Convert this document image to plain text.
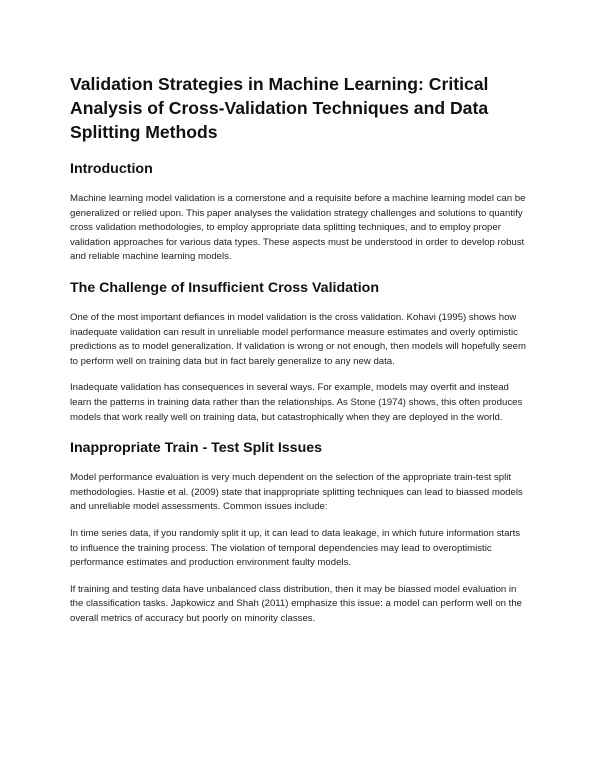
Validation Strategies in Machine Learning: Critical Analysis of Cross-Validation Techniques and Data Splitting Methods
Introduction

Machine learning model validation is a cornerstone and a requisite before a machine learning model can be generalized or relied upon. This paper analyses the validation strategy challenges and solutions to quantify cross validation methodologies, to employ appropriate data splitting techniques, and to employ proper validation approaches for various data types. These aspects must be understood in order to develop robust and reliable machine learning models.

The Challenge of Insufficient Cross Validation

One of the most important defiances in model validation is the cross validation. Kohavi (1995) shows how inadequate validation can result in unreliable model performance measure estimates and overly optimistic predictions as to model generalization. If validation is wrong or not enough, then models will hopefully seem to perform well on training data but in fact barely generalize to any new data.

Inadequate validation has consequences in several ways. For example, models may overfit and instead learn the patterns in training data rather than the relationships. As Stone (1974) shows, this often produces models that work really well on training data, but catastrophically when they are deployed in the world.

Inappropriate Train - Test Split Issues

Model performance evaluation is very much dependent on the selection of the appropriate train-test split methodologies. Hastie et al. (2009) state that inappropriate splitting techniques can lead to biassed models and unreliable model assessments. Common issues include:

In time series data, if you randomly split it up, it can lead to data leakage, in which future information starts to influence the training process. The violation of temporal dependencies may lead to overoptimistic performance estimates and production environment faulty models.

If training and testing data have unbalanced class distribution, then it may be biassed model evaluation in the classification tasks. Japkowicz and Shah (2011) emphasize this issue: a model can perform well on the overall metrics of accuracy but poorly on minority classes.
